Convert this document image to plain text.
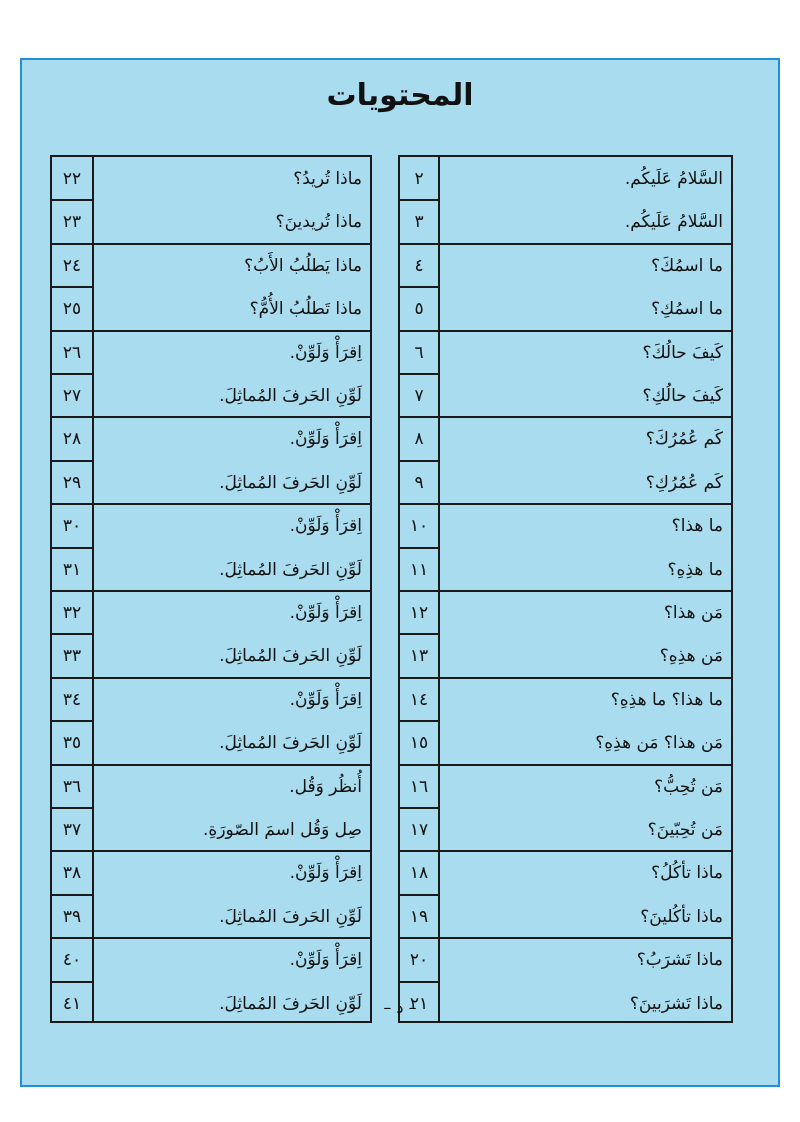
المحتويات
٢٢	ماذا تُريدُ؟
٢٣	ماذا تُريدينَ؟
٢٤	ماذا يَطلُبُ الأَبُ؟
٢٥	ماذا تَطلُبُ الأُمُّ؟
٢٦	اِقرَأْ وَلَوِّنْ.
٢٧	لَوِّنِ الحَرفَ المُماثِلَ.
٢٨	اِقرَأْ وَلَوِّنْ.
٢٩	لَوِّنِ الحَرفَ المُماثِلَ.
٣٠	اِقرَأْ وَلَوِّنْ.
٣١	لَوِّنِ الحَرفَ المُماثِلَ.
٣٢	اِقرَأْ وَلَوِّنْ.
٣٣	لَوِّنِ الحَرفَ المُماثِلَ.
٣٤	اِقرَأْ وَلَوِّنْ.
٣٥	لَوِّنِ الحَرفَ المُماثِلَ.
٣٦	أُنظُر وَقُل.
٣٧	صِل وَقُل اسمَ الصّورَةِ.
٣٨	اِقرَأْ وَلَوِّنْ.
٣٩	لَوِّنِ الحَرفَ المُماثِلَ.
٤٠	اِقرَأْ وَلَوِّنْ.
٤١	لَوِّنِ الحَرفَ المُماثِلَ.
٢	السَّلامُ عَلَيكُم.
٣	السَّلامُ عَلَيكُم.
٤	ما اسمُكَ؟
٥	ما اسمُكِ؟
٦	كَيفَ حالُكَ؟
٧	كَيفَ حالُكِ؟
٨	كَم عُمُرُكَ؟
٩	كَم عُمُرُكِ؟
١٠	ما هذا؟
١١	ما هذِهِ؟
١٢	مَن هذا؟
١٣	مَن هذِهِ؟
١٤	ما هذا؟ ما هذِهِ؟
١٥	مَن هذا؟ مَن هذِهِ؟
١٦	مَن تُحِبُّ؟
١٧	مَن تُحِبّينَ؟
١٨	ماذا تأكُلُ؟
١٩	ماذا تأكُلينَ؟
٢٠	ماذا تَشرَبُ؟
٢١	ماذا تَشرَبينَ؟
– د –
